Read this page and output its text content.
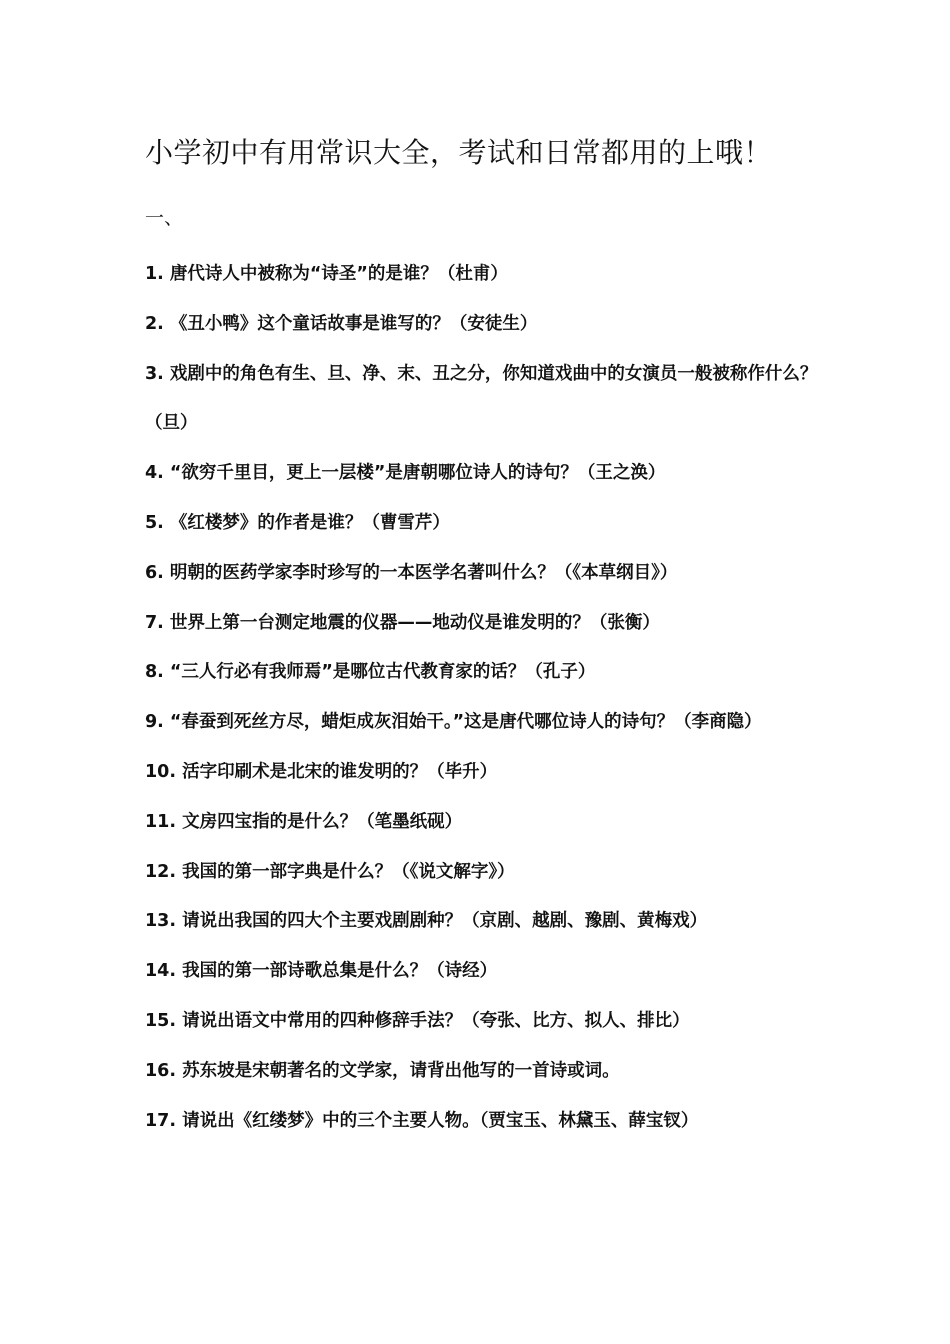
小学初中有用常识大全，考试和日常都用的上哦！
一、
1. 唐代诗人中被称为“诗圣”的是谁？（杜甫）
2. 《丑小鸭》这个童话故事是谁写的？（安徒生）
3. 戏剧中的角色有生、旦、净、末、丑之分，你知道戏曲中的女演员一般被称作什么？（旦）
4. “欲穷千里目，更上一层楼”是唐朝哪位诗人的诗句？（王之涣）
5. 《红楼梦》的作者是谁？（曹雪芹）
6. 明朝的医药学家李时珍写的一本医学名著叫什么？（《本草纲目》）
7. 世界上第一台测定地震的仪器——地动仪是谁发明的？（张衡）
8. “三人行必有我师焉”是哪位古代教育家的话？（孔子）
9. “春蚕到死丝方尽，蜡炬成灰泪始干。”这是唐代哪位诗人的诗句？（李商隐）
10. 活字印刷术是北宋的谁发明的？（毕升）
11. 文房四宝指的是什么？（笔墨纸砚）
12. 我国的第一部字典是什么？（《说文解字》）
13. 请说出我国的四大个主要戏剧剧种？（京剧、越剧、豫剧、黄梅戏）
14. 我国的第一部诗歌总集是什么？（诗经）
15. 请说出语文中常用的四种修辞手法？（夸张、比方、拟人、排比）
16. 苏东坡是宋朝著名的文学家，请背出他写的一首诗或词。
17. 请说出《红缕梦》中的三个主要人物。（贾宝玉、林黛玉、薛宝钗）
